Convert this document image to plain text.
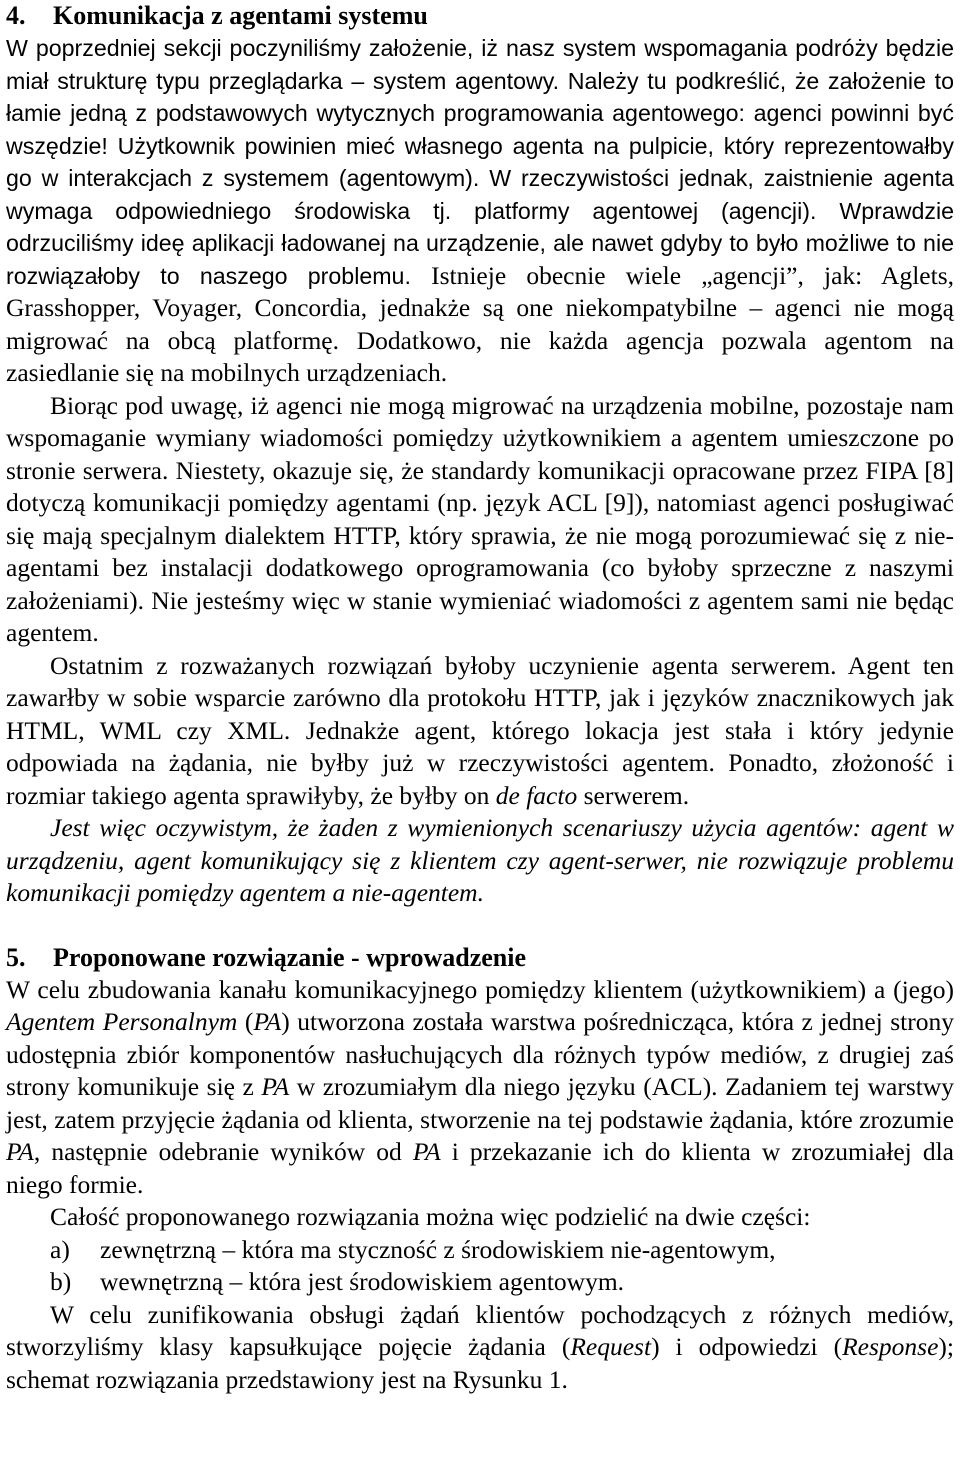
4. Komunikacja z agentami systemu

W poprzedniej sekcji poczyniliśmy założenie, iż nasz system wspomagania podróży będzie miał strukturę typu przeglądarka – system agentowy. Należy tu podkreślić, że założenie to łamie jedną z podstawowych wytycznych programowania agentowego: agenci powinni być wszędzie! Użytkownik powinien mieć własnego agenta na pulpicie, który reprezentowałby go w interakcjach z systemem (agentowym). W rzeczywistości jednak, zaistnienie agenta wymaga odpowiedniego środowiska tj. platformy agentowej (agencji). Wprawdzie odrzuciliśmy ideę aplikacji ładowanej na urządzenie, ale nawet gdyby to było możliwe to nie rozwiązałoby to naszego problemu. Istnieje obecnie wiele „agencji”, jak: Aglets, Grasshopper, Voyager, Concordia, jednakże są one niekompatybilne – agenci nie mogą migrować na obcą platformę. Dodatkowo, nie każda agencja pozwala agentom na zasiedlanie się na mobilnych urządzeniach.

Biorąc pod uwagę, iż agenci nie mogą migrować na urządzenia mobilne, pozostaje nam wspomaganie wymiany wiadomości pomiędzy użytkownikiem a agentem umieszczone po stronie serwera. Niestety, okazuje się, że standardy komunikacji opracowane przez FIPA [8] dotyczą komunikacji pomiędzy agentami (np. język ACL [9]), natomiast agenci posługiwać się mają specjalnym dialektem HTTP, który sprawia, że nie mogą porozumiewać się z nie-agentami bez instalacji dodatkowego oprogramowania (co byłoby sprzeczne z naszymi założeniami). Nie jesteśmy więc w stanie wymieniać wiadomości z agentem sami nie będąc agentem.

Ostatnim z rozważanych rozwiązań byłoby uczynienie agenta serwerem. Agent ten zawarłby w sobie wsparcie zarówno dla protokołu HTTP, jak i języków znacznikowych jak HTML, WML czy XML. Jednakże agent, którego lokacja jest stała i który jedynie odpowiada na żądania, nie byłby już w rzeczywistości agentem. Ponadto, złożoność i rozmiar takiego agenta sprawiłyby, że byłby on de facto serwerem.

Jest więc oczywistym, że żaden z wymienionych scenariuszy użycia agentów: agent w urządzeniu, agent komunikujący się z klientem czy agent-serwer, nie rozwiązuje problemu komunikacji pomiędzy agentem a nie-agentem.

5. Proponowane rozwiązanie - wprowadzenie

W celu zbudowania kanału komunikacyjnego pomiędzy klientem (użytkownikiem) a (jego) Agentem Personalnym (PA) utworzona została warstwa pośrednicząca, która z jednej strony udostępnia zbiór komponentów nasłuchujących dla różnych typów mediów, z drugiej zaś strony komunikuje się z PA w zrozumiałym dla niego języku (ACL). Zadaniem tej warstwy jest, zatem przyjęcie żądania od klienta, stworzenie na tej podstawie żądania, które zrozumie PA, następnie odebranie wyników od PA i przekazanie ich do klienta w zrozumiałej dla niego formie.

Całość proponowanego rozwiązania można więc podzielić na dwie części:

a)	zewnętrzną – która ma styczność z środowiskiem nie-agentowym,
b)	wewnętrzną – która jest środowiskiem agentowym.

W celu zunifikowania obsługi żądań klientów pochodzących z różnych mediów, stworzyliśmy klasy kapsułkujące pojęcie żądania (Request) i odpowiedzi (Response); schemat rozwiązania przedstawiony jest na Rysunku 1.
